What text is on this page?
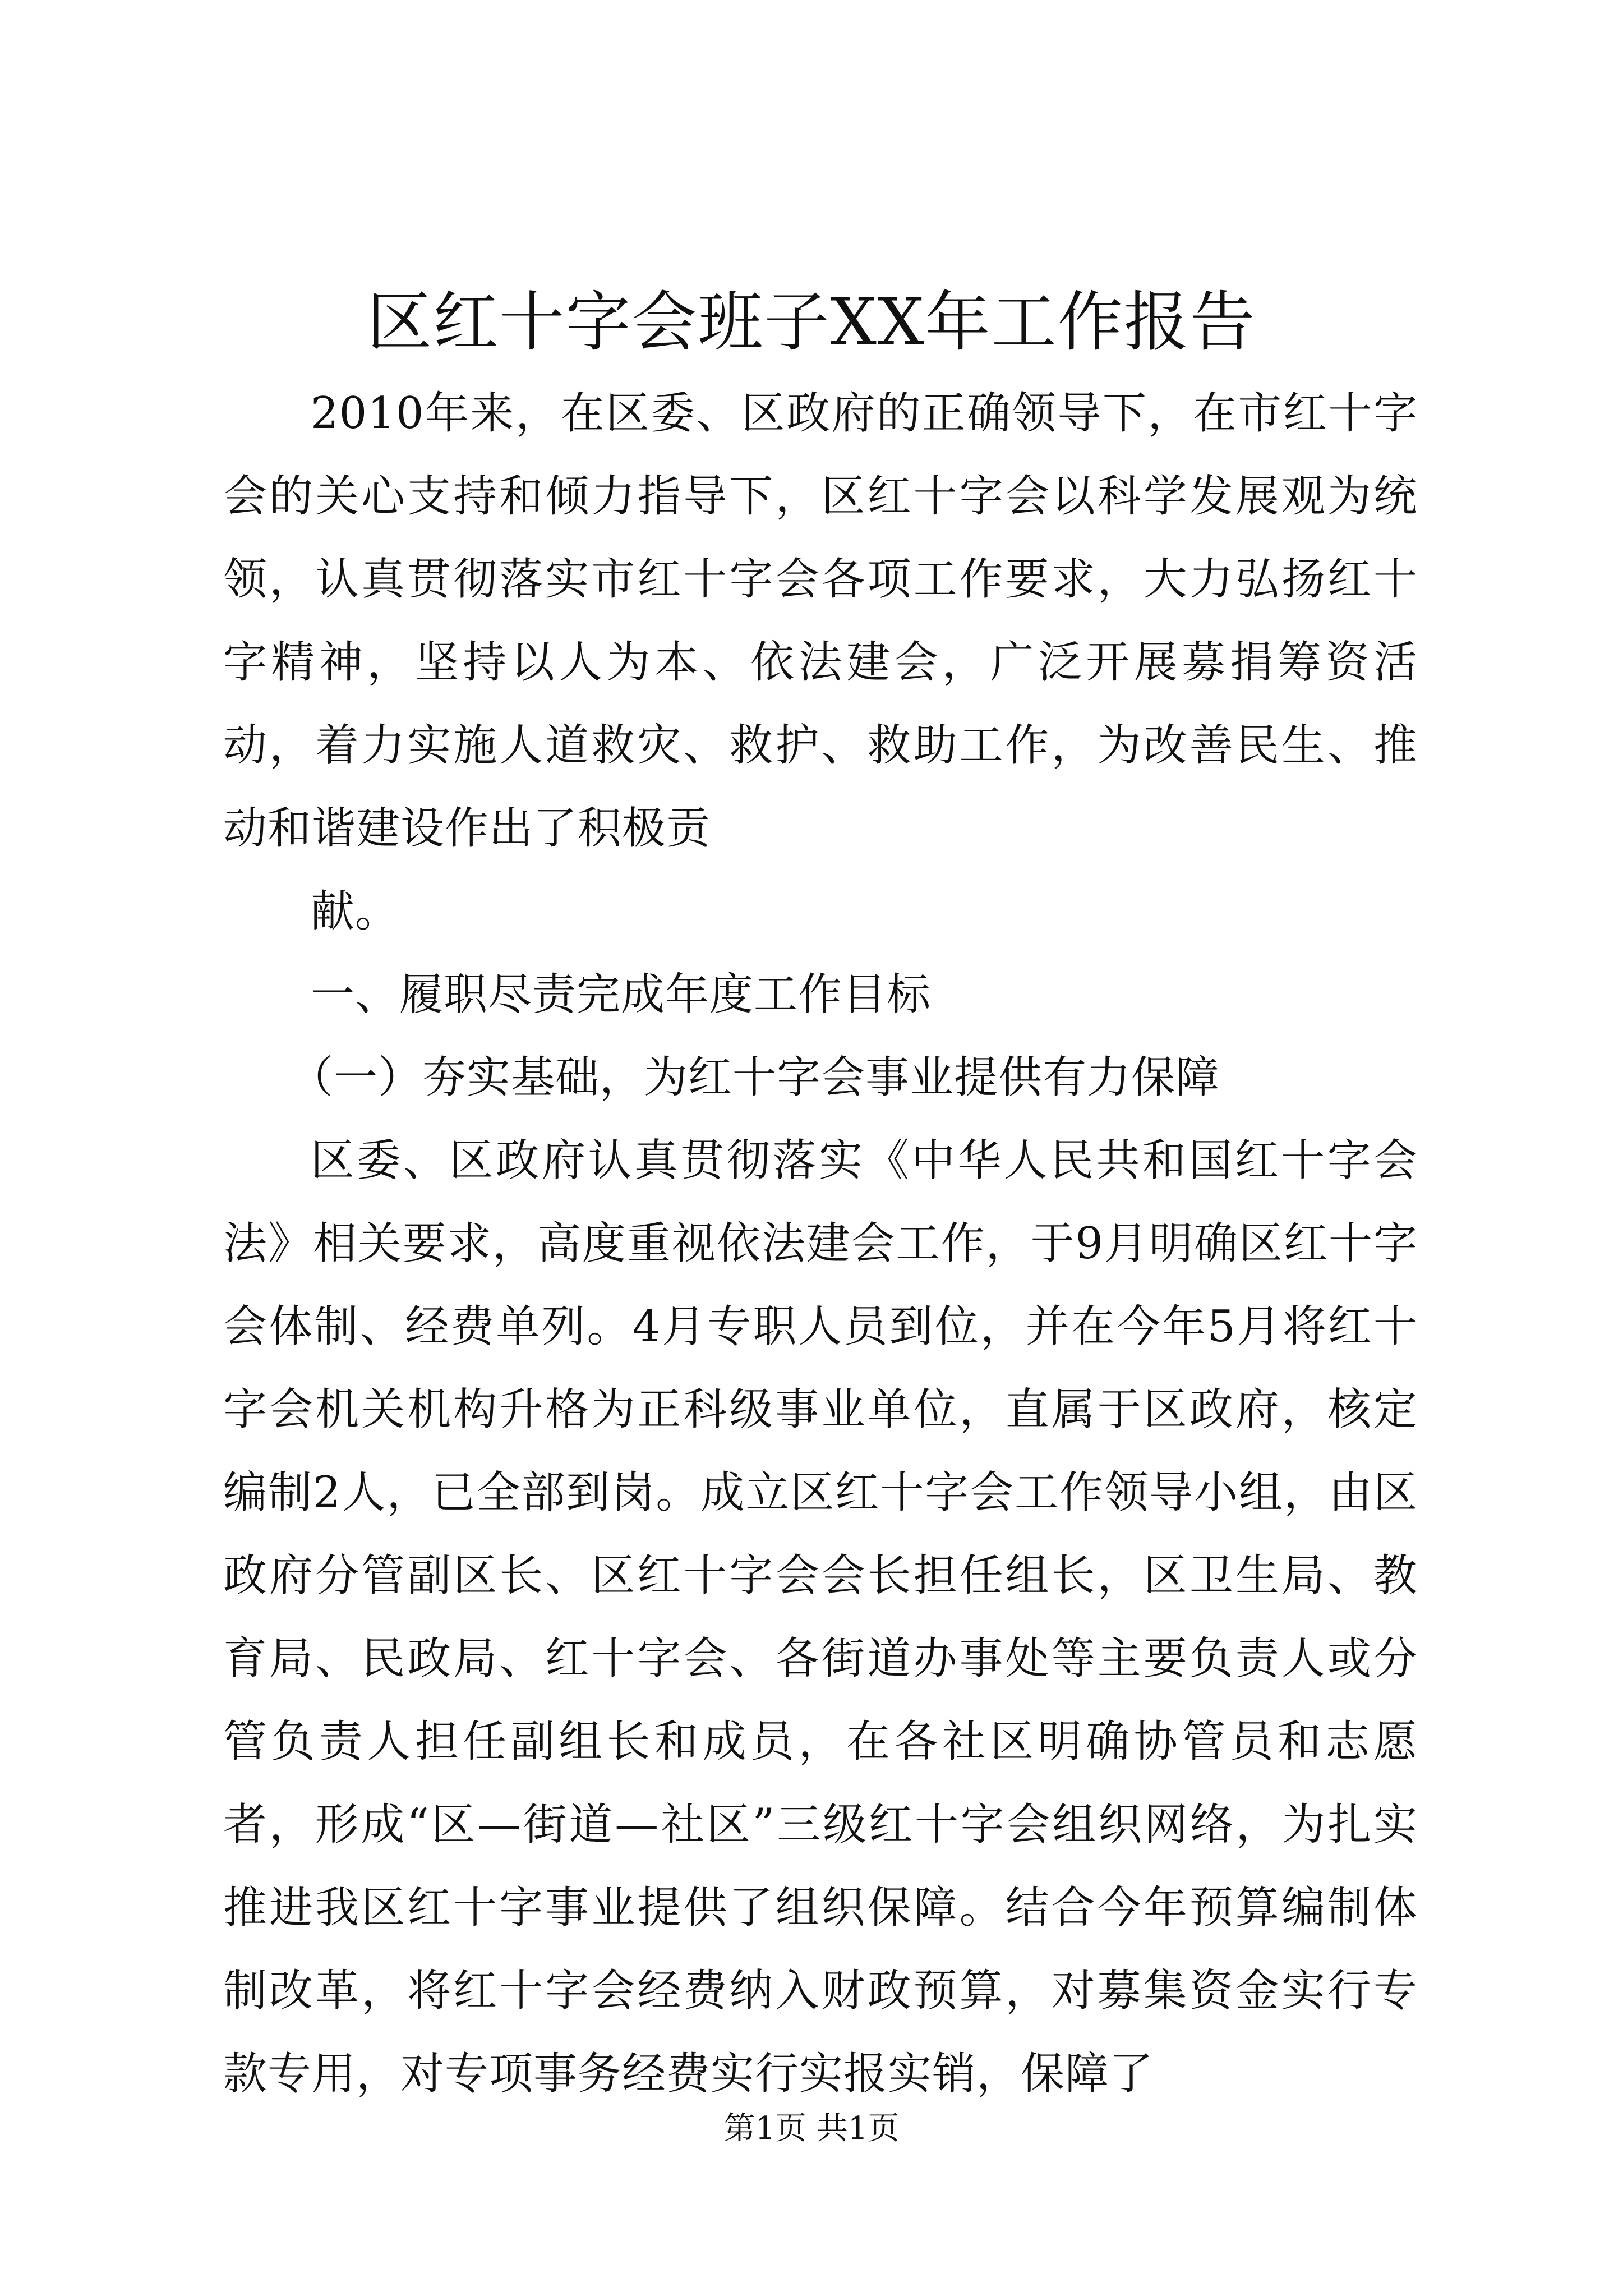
区红十字会班子XX年工作报告

2010年来，在区委、区政府的正确领导下，在市红十字会的关心支持和倾力指导下，区红十字会以科学发展观为统领，认真贯彻落实市红十字会各项工作要求，大力弘扬红十字精神，坚持以人为本、依法建会，广泛开展募捐筹资活动，着力实施人道救灾、救护、救助工作，为改善民生、推动和谐建设作出了积极贡

献。

一、履职尽责完成年度工作目标

（一）夯实基础，为红十字会事业提供有力保障

区委、区政府认真贯彻落实《中华人民共和国红十字会法》相关要求，高度重视依法建会工作，于9月明确区红十字会体制、经费单列。4月专职人员到位，并在今年5月将红十字会机关机构升格为正科级事业单位，直属于区政府，核定编制2人，已全部到岗。成立区红十字会工作领导小组，由区政府分管副区长、区红十字会会长担任组长，区卫生局、教育局、民政局、红十字会、各街道办事处等主要负责人或分管负责人担任副组长和成员，在各社区明确协管员和志愿者，形成“区—街道—社区”三级红十字会组织网络，为扎实推进我区红十字事业提供了组织保障。结合今年预算编制体制改革，将红十字会经费纳入财政预算，对募集资金实行专款专用，对专项事务经费实行实报实销，保障了

第1页 共1页
